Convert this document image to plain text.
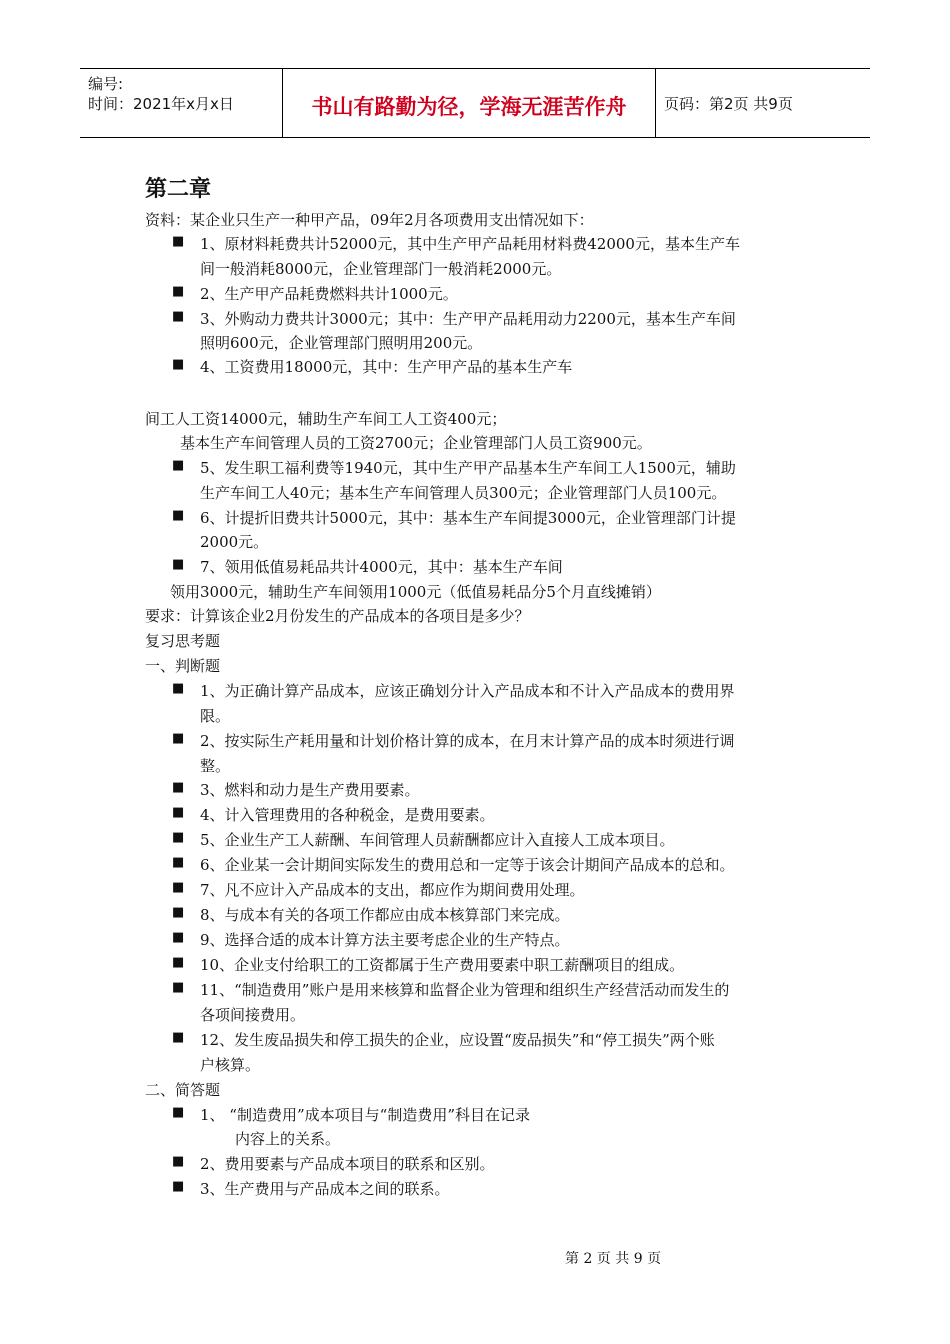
编号:
时间：2021年x月x日	书山有路勤为径，学海无涯苦作舟	页码：第2页 共9页
第二章
资料：某企业只生产一种甲产品，09年2月各项费用支出情况如下：
■ 1、原材料耗费共计52000元，其中生产甲产品耗用材料费42000元，基本生产车
间一般消耗8000元，企业管理部门一般消耗2000元。
■ 2、生产甲产品耗费燃料共计1000元。
■ 3、外购动力费共计3000元；其中：生产甲产品耗用动力2200元，基本生产车间
照明600元，企业管理部门照明用200元。
■ 4、工资费用18000元，其中：生产甲产品的基本生产车
间工人工资14000元，辅助生产车间工人工资400元；
基本生产车间管理人员的工资2700元；企业管理部门人员工资900元。
■ 5、发生职工福利费等1940元，其中生产甲产品基本生产车间工人1500元，辅助
生产车间工人40元；基本生产车间管理人员300元；企业管理部门人员100元。
■ 6、计提折旧费共计5000元，其中：基本生产车间提3000元，企业管理部门计提
2000元。
■ 7、领用低值易耗品共计4000元，其中：基本生产车间
领用3000元，辅助生产车间领用1000元（低值易耗品分5个月直线摊销）
要求：计算该企业2月份发生的产品成本的各项目是多少？
复习思考题
一、判断题
■ 1、为正确计算产品成本，应该正确划分计入产品成本和不计入产品成本的费用界
限。
■ 2、按实际生产耗用量和计划价格计算的成本，在月末计算产品的成本时须进行调
整。
■ 3、燃料和动力是生产费用要素。
■ 4、计入管理费用的各种税金，是费用要素。
■ 5、企业生产工人薪酬、车间管理人员薪酬都应计入直接人工成本项目。
■ 6、企业某一会计期间实际发生的费用总和一定等于该会计期间产品成本的总和。
■ 7、凡不应计入产品成本的支出，都应作为期间费用处理。
■ 8、与成本有关的各项工作都应由成本核算部门来完成。
■ 9、选择合适的成本计算方法主要考虑企业的生产特点。
■ 10、企业支付给职工的工资都属于生产费用要素中职工薪酬项目的组成。
■ 11、“制造费用”账户是用来核算和监督企业为管理和组织生产经营活动而发生的
各项间接费用。
■ 12、发生废品损失和停工损失的企业，应设置“废品损失”和“停工损失”两个账
户核算。
二、简答题
■ 1、 “制造费用”成本项目与“制造费用”科目在记录
内容上的关系。
■ 2、费用要素与产品成本项目的联系和区别。
■ 3、生产费用与产品成本之间的联系。
第 2 页 共 9 页
